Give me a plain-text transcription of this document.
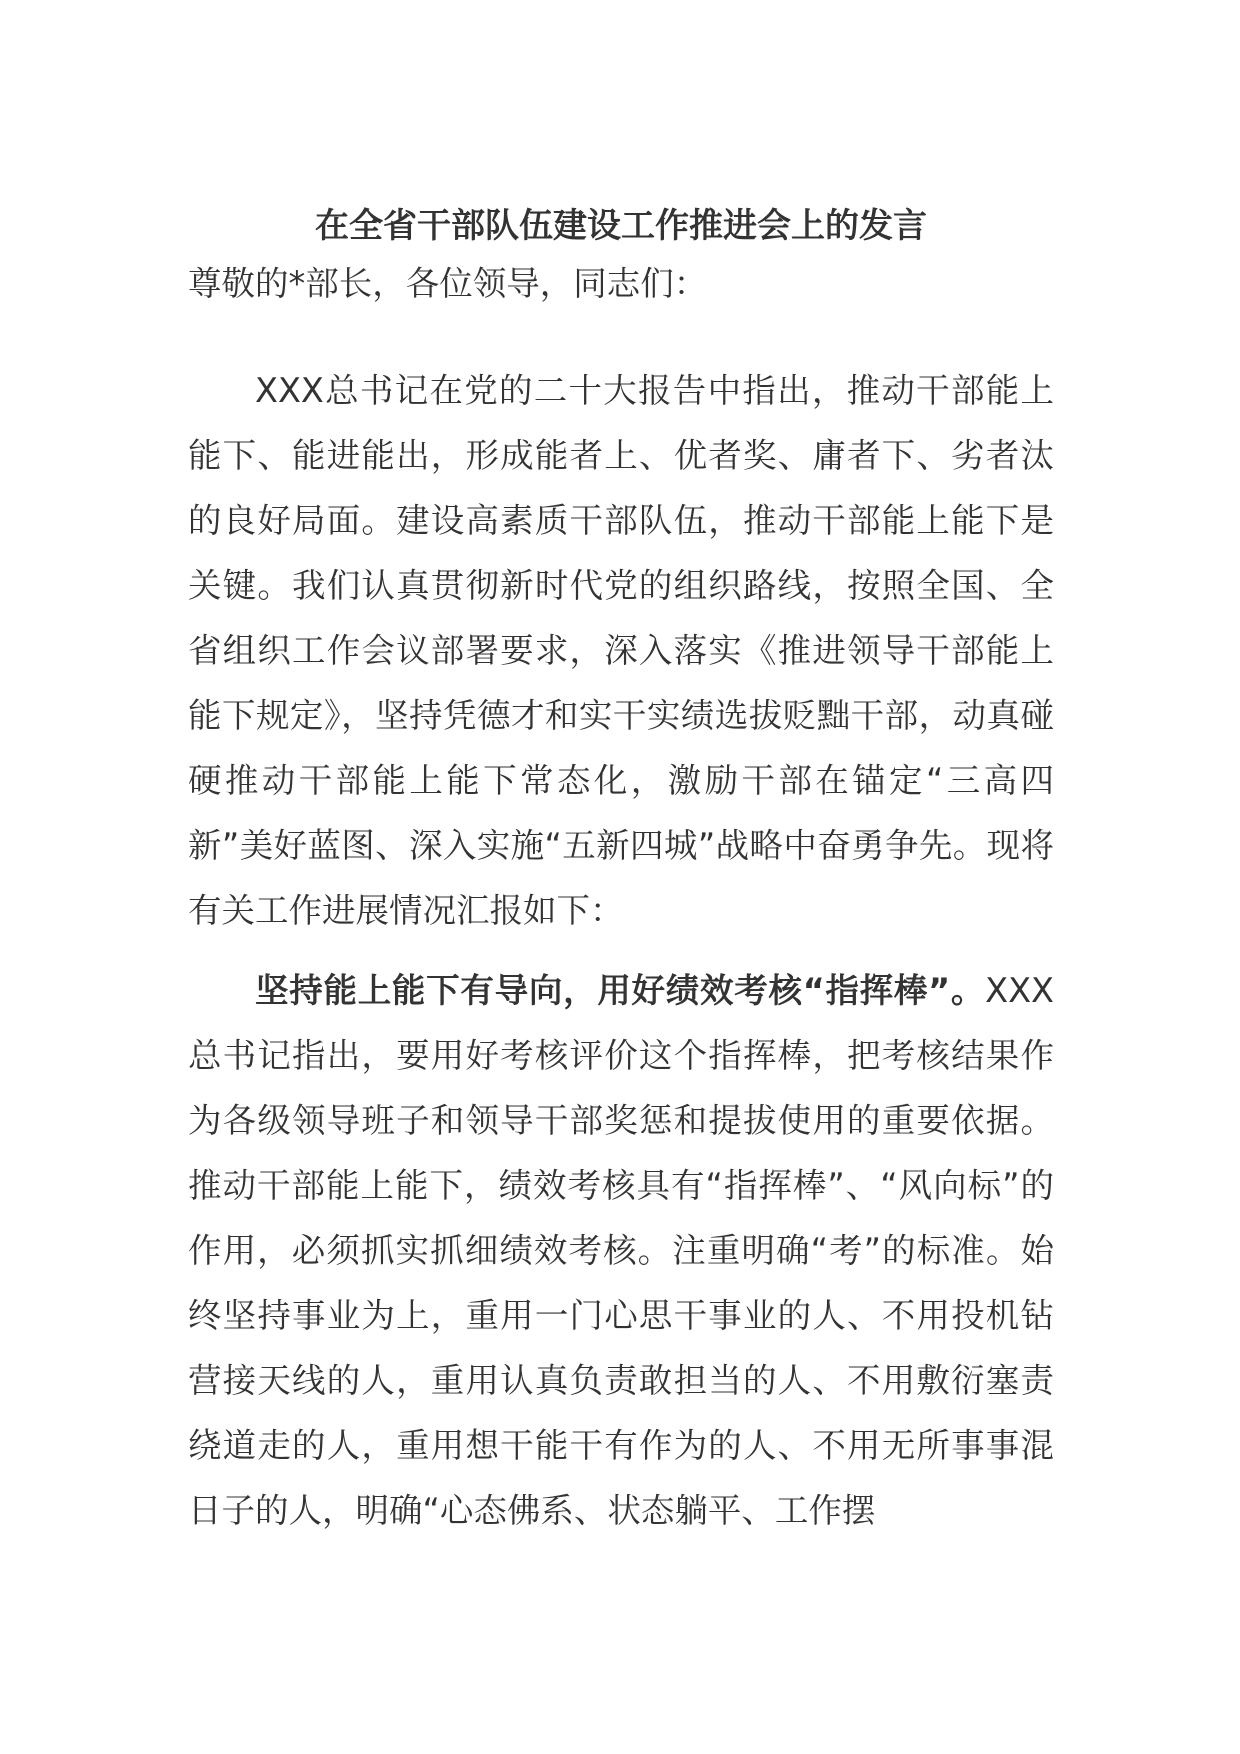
在全省干部队伍建设工作推进会上的发言

尊敬的*部长，各位领导，同志们：

XXX总书记在党的二十大报告中指出，推动干部能上能下、能进能出，形成能者上、优者奖、庸者下、劣者汰的良好局面。建设高素质干部队伍，推动干部能上能下是关键。我们认真贯彻新时代党的组织路线，按照全国、全省组织工作会议部署要求，深入落实《推进领导干部能上能下规定》，坚持凭德才和实干实绩选拔贬黜干部，动真碰硬推动干部能上能下常态化，激励干部在锚定“三高四新”美好蓝图、深入实施“五新四城”战略中奋勇争先。现将有关工作进展情况汇报如下：

坚持能上能下有导向，用好绩效考核“指挥棒”。XXX总书记指出，要用好考核评价这个指挥棒，把考核结果作为各级领导班子和领导干部奖惩和提拔使用的重要依据。推动干部能上能下，绩效考核具有“指挥棒”、“风向标”的作用，必须抓实抓细绩效考核。注重明确“考”的标准。始终坚持事业为上，重用一门心思干事业的人、不用投机钻营接天线的人，重用认真负责敢担当的人、不用敷衍塞责绕道走的人，重用想干能干有作为的人、不用无所事事混日子的人，明确“心态佛系、状态躺平、工作摆
